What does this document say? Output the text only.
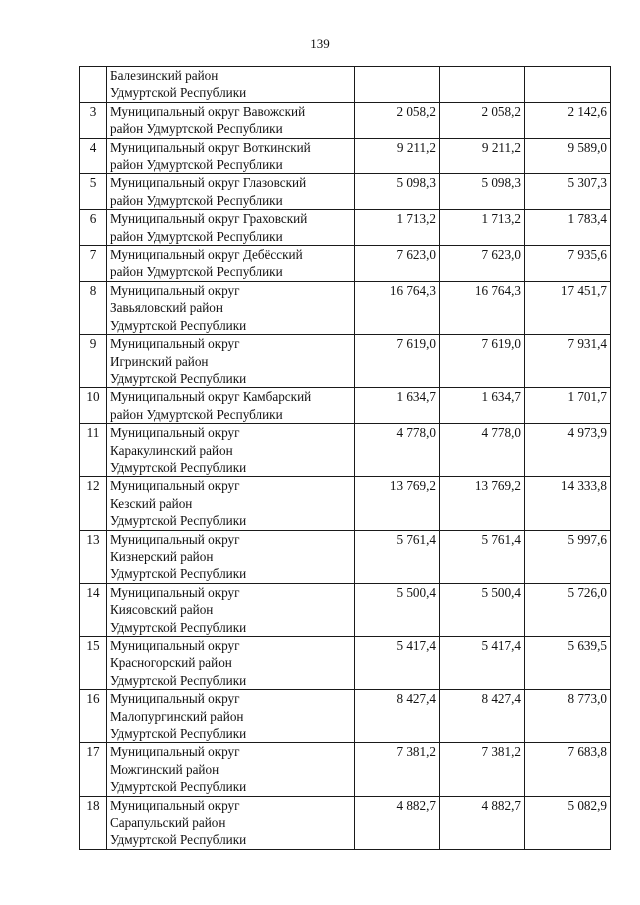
139

	Балезинский район
Удмуртской Республики			

3	Муниципальный округ Вавожский
район Удмуртской Республики	2 058,2	2 058,2	2 142,6
4	Муниципальный округ Воткинский
район Удмуртской Республики	9 211,2	9 211,2	9 589,0
5	Муниципальный округ Глазовский
район Удмуртской Республики	5 098,3	5 098,3	5 307,3
6	Муниципальный округ Граховский
район Удмуртской Республики	1 713,2	1 713,2	1 783,4
7	Муниципальный округ Дебёсский
район Удмуртской Республики	7 623,0	7 623,0	7 935,6
8	Муниципальный округ
Завьяловский район
Удмуртской Республики	16 764,3	16 764,3	17 451,7
9	Муниципальный округ
Игринский район
Удмуртской Республики	7 619,0	7 619,0	7 931,4
10	Муниципальный округ Камбарский
район Удмуртской Республики	1 634,7	1 634,7	1 701,7
11	Муниципальный округ
Каракулинский район
Удмуртской Республики	4 778,0	4 778,0	4 973,9
12	Муниципальный округ
Кезский район
Удмуртской Республики	13 769,2	13 769,2	14 333,8
13	Муниципальный округ
Кизнерский район
Удмуртской Республики	5 761,4	5 761,4	5 997,6
14	Муниципальный округ
Киясовский район
Удмуртской Республики	5 500,4	5 500,4	5 726,0
15	Муниципальный округ
Красногорский район
Удмуртской Республики	5 417,4	5 417,4	5 639,5
16	Муниципальный округ
Малопургинский район
Удмуртской Республики	8 427,4	8 427,4	8 773,0
17	Муниципальный округ
Можгинский район
Удмуртской Республики	7 381,2	7 381,2	7 683,8
18	Муниципальный округ
Сарапульский район
Удмуртской Республики	4 882,7	4 882,7	5 082,9
